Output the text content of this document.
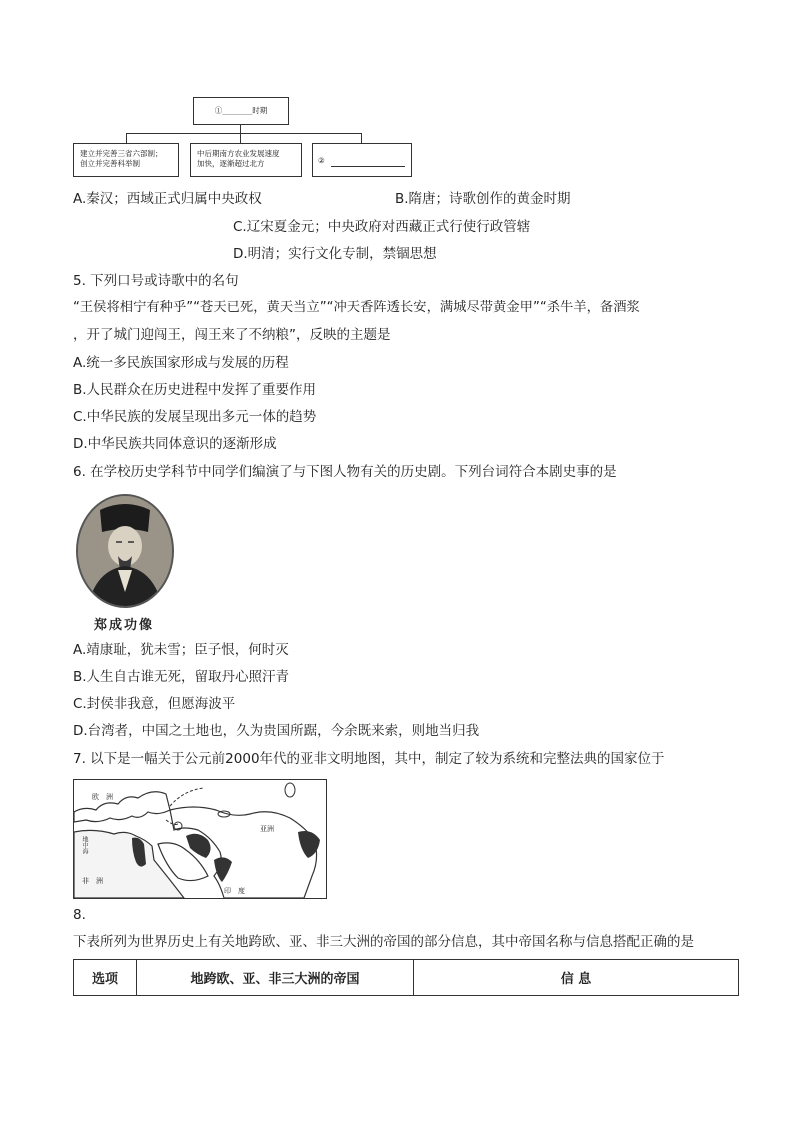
①________时期
建立并完善三省六部制；
创立并完善科举制
中后期南方农业发展速度
加快，逐渐超过北方	②
A.秦汉；西域正式归属中央政权	B.隋唐；诗歌创作的黄金时期
C.辽宋夏金元；中央政府对西藏正式行使行政管辖
D.明清；实行文化专制，禁锢思想
5. 下列口号或诗歌中的名句
“王侯将相宁有种乎”“苍天已死，黄天当立”“冲天香阵透长安，满城尽带黄金甲”“杀牛羊，备酒浆
，开了城门迎闯王，闯王来了不纳粮”，反映的主题是
A.统一多民族国家形成与发展的历程
B.人民群众在历史进程中发挥了重要作用
C.中华民族的发展呈现出多元一体的趋势
D.中华民族共同体意识的逐渐形成
6. 在学校历史学科节中同学们编演了与下图人物有关的历史剧。下列台词符合本剧史事的是
郑成功像
A.靖康耻，犹未雪；臣子恨，何时灭
B.人生自古谁无死，留取丹心照汗青
C.封侯非我意，但愿海波平
D.台湾者，中国之土地也，久为贵国所踞，今余既来索，则地当归我
7. 以下是一幅关于公元前2000年代的亚非文明地图，其中，制定了较为系统和完整法典的国家位于
欧　洲
亚洲
非　洲
印　度
地中海
8.
下表所列为世界历史上有关地跨欧、亚、非三大洲的帝国的部分信息，其中帝国名称与信息搭配正确的是
选项	地跨欧、亚、非三大洲的帝国	信 息
